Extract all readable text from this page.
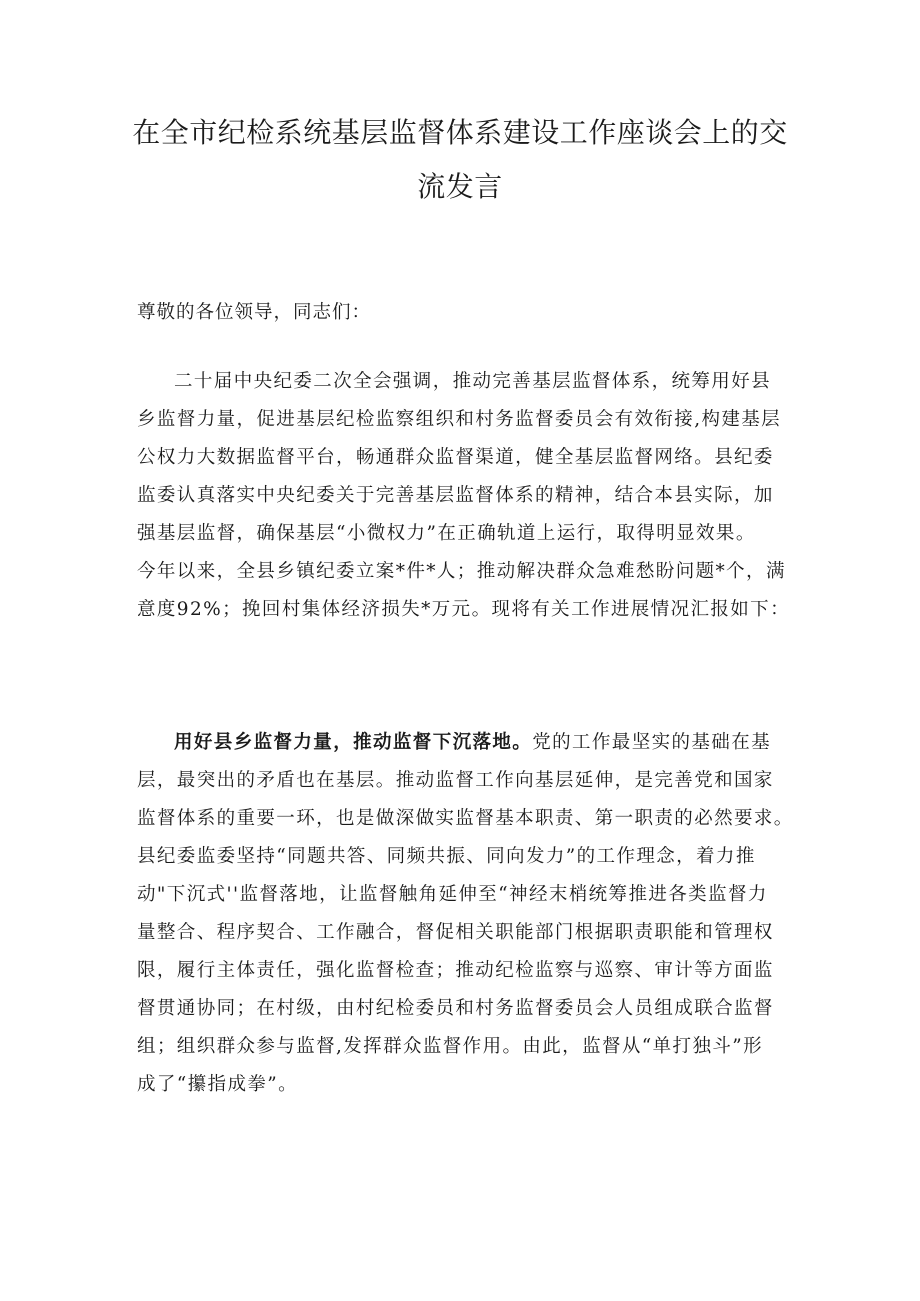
在全市纪检系统基层监督体系建设工作座谈会上的交
流发言

尊敬的各位领导，同志们：

二十届中央纪委二次全会强调，推动完善基层监督体系，统筹用好县
乡监督力量，促进基层纪检监察组织和村务监督委员会有效衔接,构建基层
公权力大数据监督平台，畅通群众监督渠道，健全基层监督网络。县纪委
监委认真落实中央纪委关于完善基层监督体系的精神，结合本县实际，加
强基层监督，确保基层“小微权力”在正确轨道上运行，取得明显效果。
今年以来，全县乡镇纪委立案*件*人；推动解决群众急难愁盼问题*个，满
意度92%；挽回村集体经济损失*万元。现将有关工作进展情况汇报如下：
用好县乡监督力量，推动监督下沉落地。党的工作最坚实的基础在基
层，最突出的矛盾也在基层。推动监督工作向基层延伸，是完善党和国家
监督体系的重要一环，也是做深做实监督基本职责、第一职责的必然要求。
县纪委监委坚持“同题共答、同频共振、同向发力”的工作理念，着力推
动"下沉式''监督落地，让监督触角延伸至“神经末梢统筹推进各类监督力
量整合、程序契合、工作融合，督促相关职能部门根据职责职能和管理权
限，履行主体责任，强化监督检查；推动纪检监察与巡察、审计等方面监
督贯通协同；在村级，由村纪检委员和村务监督委员会人员组成联合监督
组；组织群众参与监督,发挥群众监督作用。由此，监督从“单打独斗”形
成了“攥指成拳”。
